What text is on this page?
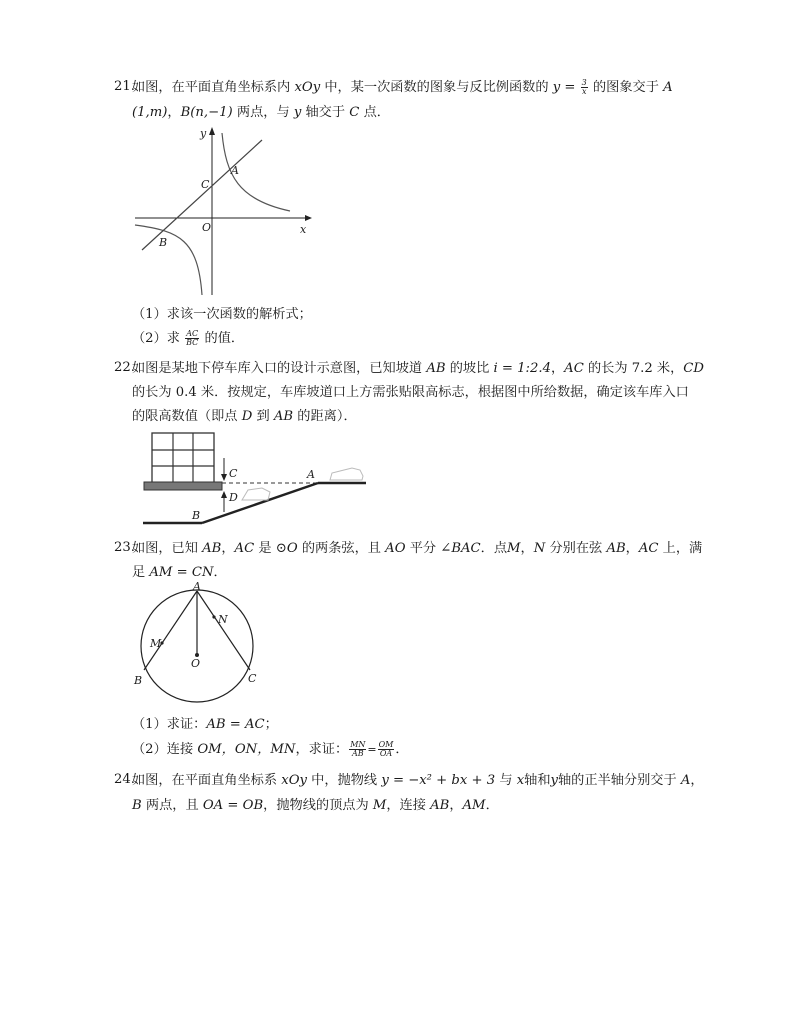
21.
如图，在平面直角坐标系内 xOy 中，某一次函数的图象与反比例函数的 $y = \frac{3}{x}$ 的图象交于 A
(1,m)，B(n,−1) 两点，与 y 轴交于 C 点．
y
x
O
C
A
B
（1）求该一次函数的解析式；
（2）求 $\frac{AC}{BC}$ 的值．
22.
如图是某地下停车库入口的设计示意图，已知坡道 AB 的坡比 i = 1:2.4，AC 的长为 7.2 米，CD
的长为 0.4 米．按规定，车库坡道口上方需张贴限高标志，根据图中所给数据，确定该车库入口
的限高数值（即点 D 到 AB 的距离）．
C	A
D
B
23.
如图，已知 AB，AC 是 ⊙O 的两条弦，且 AO 平分 ∠BAC．点M，N 分别在弦 AB，AC 上，满
足 AM = CN．
A
N
M
O
B	C
（1）求证：AB = AC；
（2）连接 OM，ON，MN，求证： $\frac{MN}{AB} = \frac{OM}{OA}$ ．
24.
如图，在平面直角坐标系 xOy 中，抛物线 y = −x² + bx + 3 与 x轴和y轴的正半轴分别交于 A，
B 两点，且 OA = OB，抛物线的顶点为 M，连接 AB，AM．
